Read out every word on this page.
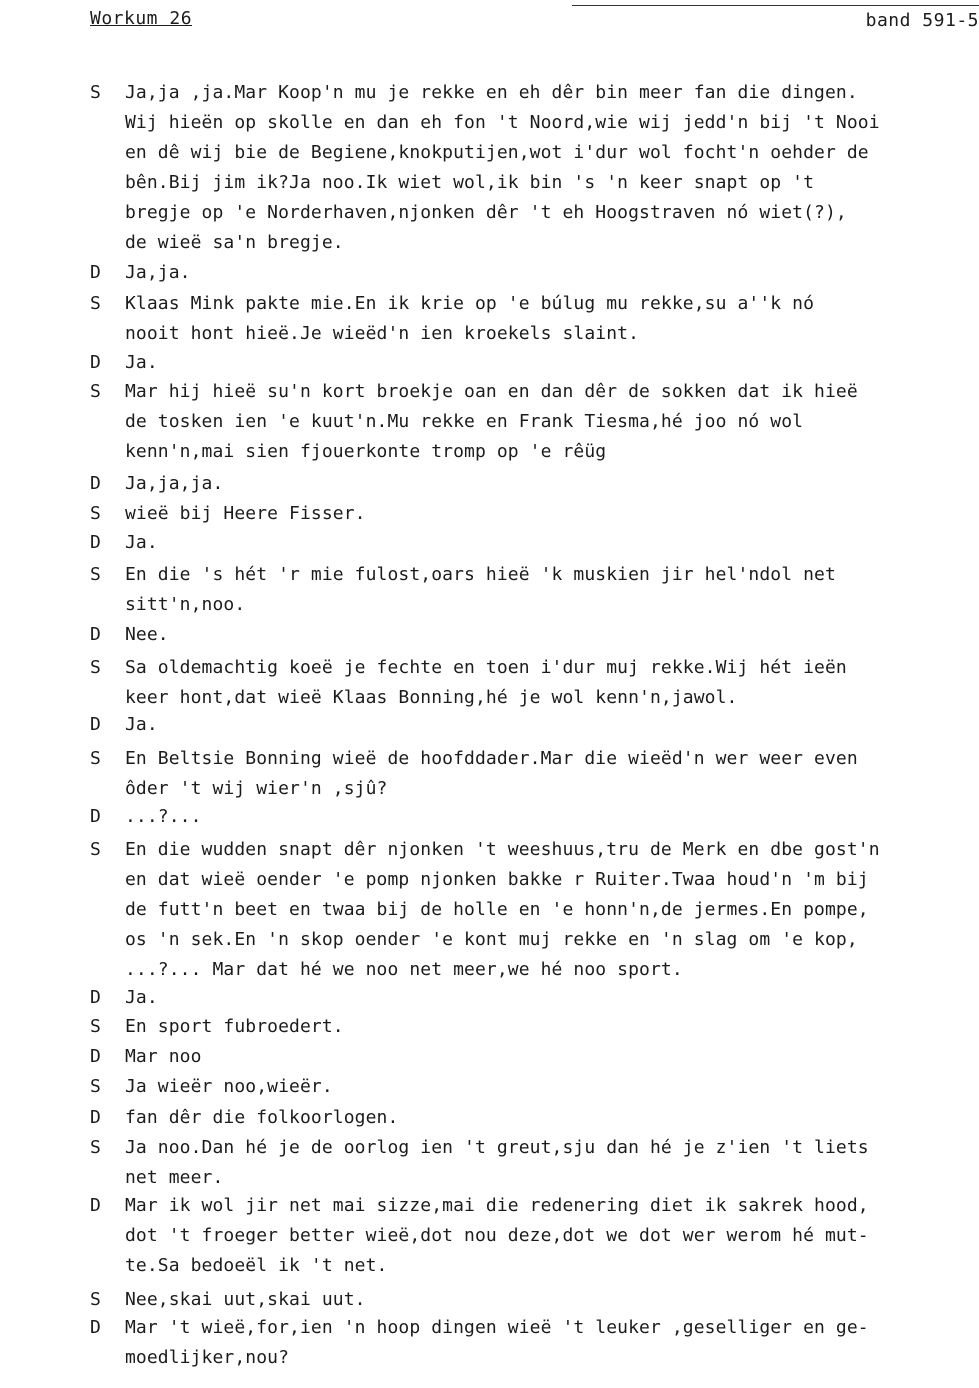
Workum 26	band 591-5
S	Ja,ja ,ja.Mar Koop'n mu je rekke en eh dêr bin meer fan die dingen.
Wij hieën op skolle en dan eh fon 't Noord,wie wij jedd'n bij 't Nooi
en dê wij bie de Begiene,knokputijen,wot i'dur wol focht'n oehder de
bên.Bij jim ik?Ja noo.Ik wiet wol,ik bin 's 'n keer snapt op 't
bregje op 'e Norderhaven,njonken dêr 't eh Hoogstraven nó wiet(?),
de wieë sa'n bregje.
D	Ja,ja.
S	Klaas Mink pakte mie.En ik krie op 'e búlug mu rekke,su a''k nó
nooit hont hieë.Je wieëd'n ien kroekels slaint.
D	Ja.
S	Mar hij hieë su'n kort broekje oan en dan dêr de sokken dat ik hieë
de tosken ien 'e kuut'n.Mu rekke en Frank Tiesma,hé joo nó wol
kenn'n,mai sien fjouerkonte tromp op 'e rêüg
D	Ja,ja,ja.
S	wieë bij Heere Fisser.
D	Ja.
S	En die 's hét 'r mie fulost,oars hieë 'k muskien jir hel'ndol net
sitt'n,noo.
D	Nee.
S	Sa oldemachtig koeë je fechte en toen i'dur muj rekke.Wij hét ieën
keer hont,dat wieë Klaas Bonning,hé je wol kenn'n,jawol.
D	Ja.
S	En Beltsie Bonning wieë de hoofddader.Mar die wieëd'n wer weer even
ôder 't wij wier'n ,sjû?
D	...?...
S	En die wudden snapt dêr njonken 't weeshuus,tru de Merk en dbe gost'n
en dat wieë oender 'e pomp njonken bakke r Ruiter.Twaa houd'n 'm bij
de futt'n beet en twaa bij de holle en 'e honn'n,de jermes.En pompe,
os 'n sek.En 'n skop oender 'e kont muj rekke en 'n slag om 'e kop,
...?... Mar dat hé we noo net meer,we hé noo sport.
D	Ja.
S	En sport fubroedert.
D	Mar noo
S	Ja wieër noo,wieër.
D	fan dêr die folkoorlogen.
S	Ja noo.Dan hé je de oorlog ien 't greut,sju dan hé je z'ien 't liets
net meer.
D	Mar ik wol jir net mai sizze,mai die redenering diet ik sakrek hood,
dot 't froeger better wieë,dot nou deze,dot we dot wer werom hé mut-
te.Sa bedoeël ik 't net.
S	Nee,skai uut,skai uut.
D	Mar 't wieë,for,ien 'n hoop dingen wieë 't leuker ,geselliger en ge-
moedlijker,nou?
